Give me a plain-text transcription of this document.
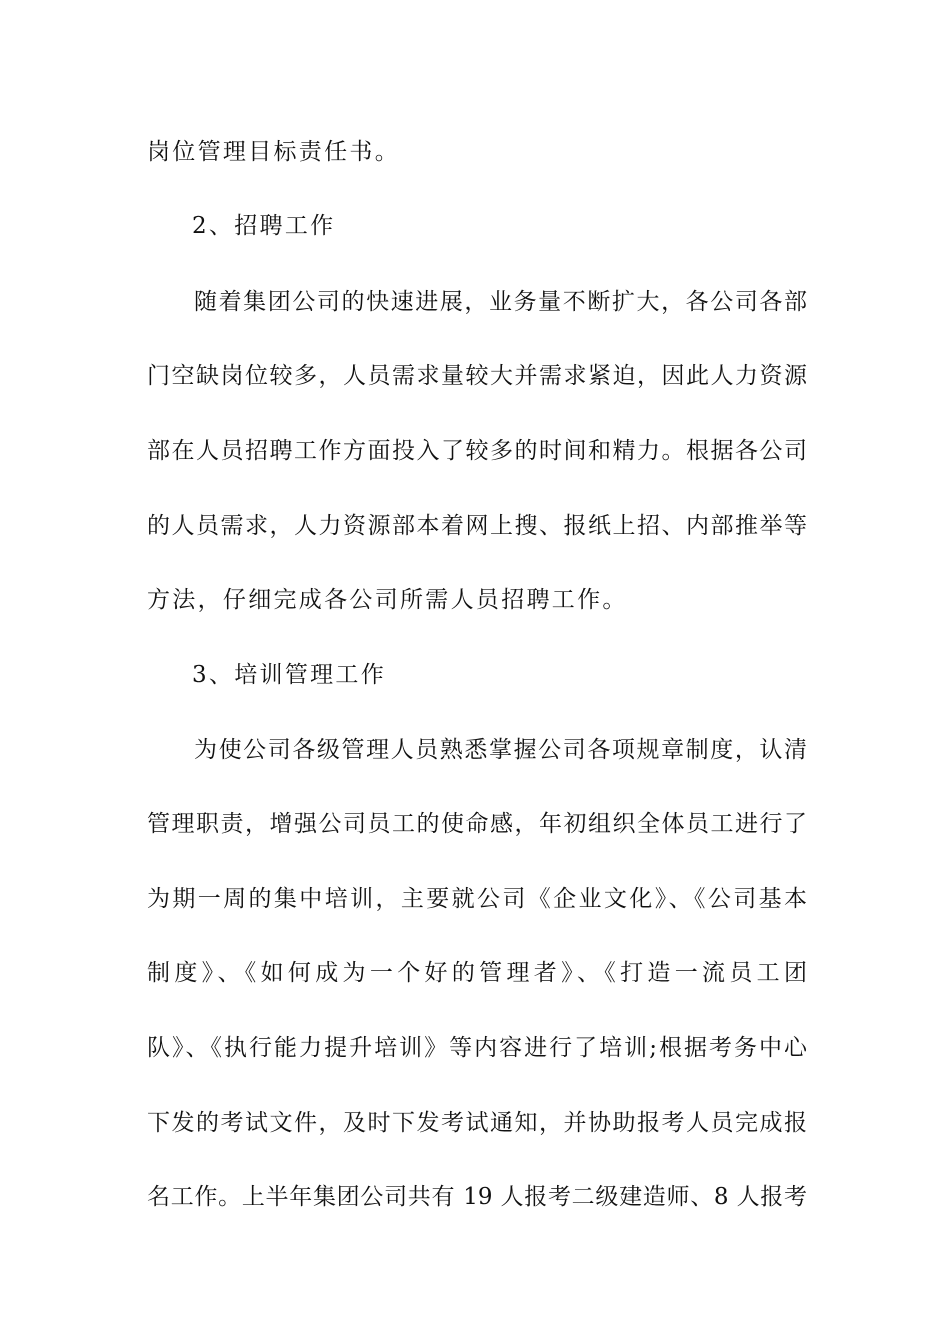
岗位管理目标责任书。
2、招聘工作
随着集团公司的快速进展，业务量不断扩大，各公司各部
门空缺岗位较多，人员需求量较大并需求紧迫，因此人力资源
部在人员招聘工作方面投入了较多的时间和精力。根据各公司
的人员需求，人力资源部本着网上搜、报纸上招、内部推举等
方法，仔细完成各公司所需人员招聘工作。
3、培训管理工作
为使公司各级管理人员熟悉掌握公司各项规章制度，认清
管理职责，增强公司员工的使命感，年初组织全体员工进行了
为期一周的集中培训，主要就公司《企业文化》、《公司基本
制度》、《如何成为一个好的管理者》、《打造一流员工团
队》、《执行能力提升培训》等内容进行了培训;根据考务中心
下发的考试文件，及时下发考试通知，并协助报考人员完成报
名工作。上半年集团公司共有 19 人报考二级建造师、8 人报考
